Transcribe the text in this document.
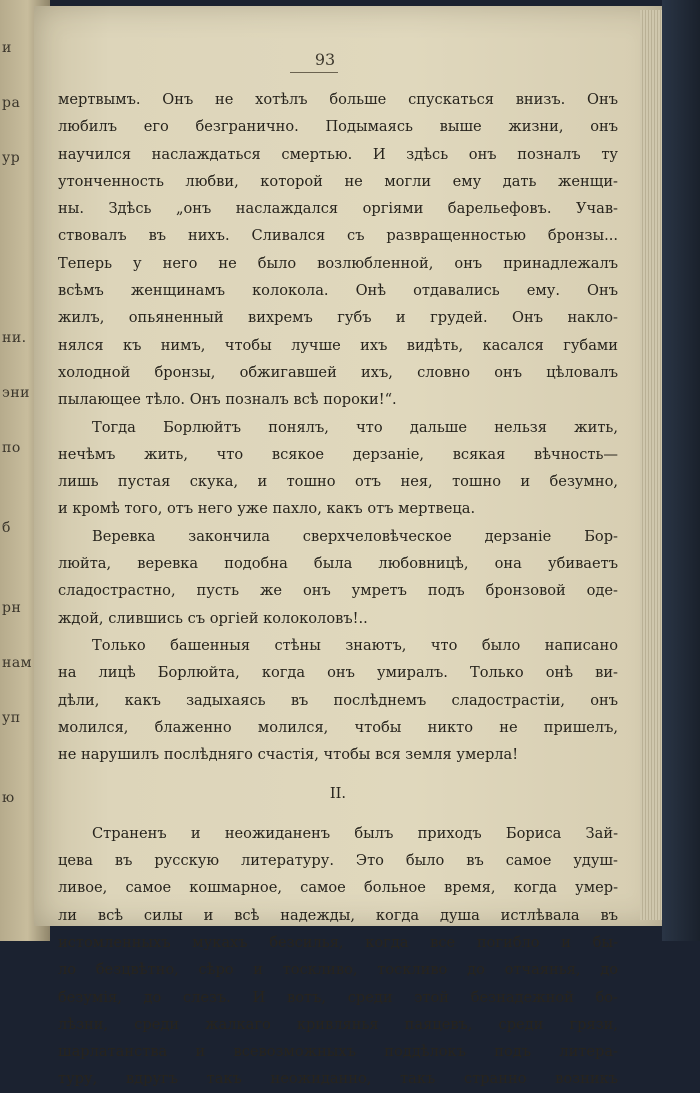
и
ра
ур
ни.
эни
по
б
рн
нам
уп
ю
93
мертвымъ. Онъ не хотѣлъ больше спускаться внизъ. Онъ
любилъ его безгранично. Подымаясь выше жизни, онъ
научился наслаждаться смертью. И здѣсь онъ позналъ ту
утонченность любви, которой не могли ему дать женщи-
ны. Здѣсь „онъ наслаждался оргіями барельефовъ. Учав-
ствовалъ въ нихъ. Сливался съ развращенностью бронзы...
Теперь у него не было возлюбленной, онъ принадлежалъ
всѣмъ женщинамъ колокола. Онѣ отдавались ему. Онъ
жилъ, опьяненный вихремъ губъ и грудей. Онъ накло-
нялся къ нимъ, чтобы лучше ихъ видѣть, касался губами
холодной бронзы, обжигавшей ихъ, словно онъ цѣловалъ
пылающее тѣло. Онъ позналъ всѣ пороки!“.
Тогда Борлюйтъ понялъ, что дальше нельзя жить,
нечѣмъ жить, что всякое дерзаніе, всякая вѣчность—
лишь пустая скука, и тошно отъ нея, тошно и безумно,
и кромѣ того, отъ него уже пахло, какъ отъ мертвеца.
Веревка закончила сверхчеловѣческое дерзаніе Бор-
люйта, веревка подобна была любовницѣ, она убиваетъ
сладострастно, пусть же онъ умретъ подъ бронзовой оде-
ждой, слившись съ оргіей колоколовъ!..
Только башенныя стѣны знаютъ, что было написано
на лицѣ Борлюйта, когда онъ умиралъ. Только онѣ ви-
дѣли, какъ задыхаясь въ послѣднемъ сладострастіи, онъ
молился, блаженно молился, чтобы никто не пришелъ,
не нарушилъ послѣдняго счастія, чтобы вся земля умерла!
II.
Страненъ и неожиданенъ былъ приходъ Бориса Зай-
цева въ русскую литературу. Это было въ самое удуш-
ливое, самое кошмарное, самое больное время, когда умер-
ли всѣ силы и всѣ надежды, когда душа истлѣвала въ
истомленныхъ мукахъ безсилья, когда все погибло и бы-
ло безцвѣтно, сѣро и тоскливо, тоскливо до отчаянья, до
безумія, до слезъ. И вотъ, среди этой безнадежной бо-
лѣзни, среди жалкаго кривлянья паяцевъ, среди грязи,
шарлатанства и всевозможныхъ поддѣлокъ подъ литера-
туру, вдругъ такъ неожиданно, такъ странно возникъ
